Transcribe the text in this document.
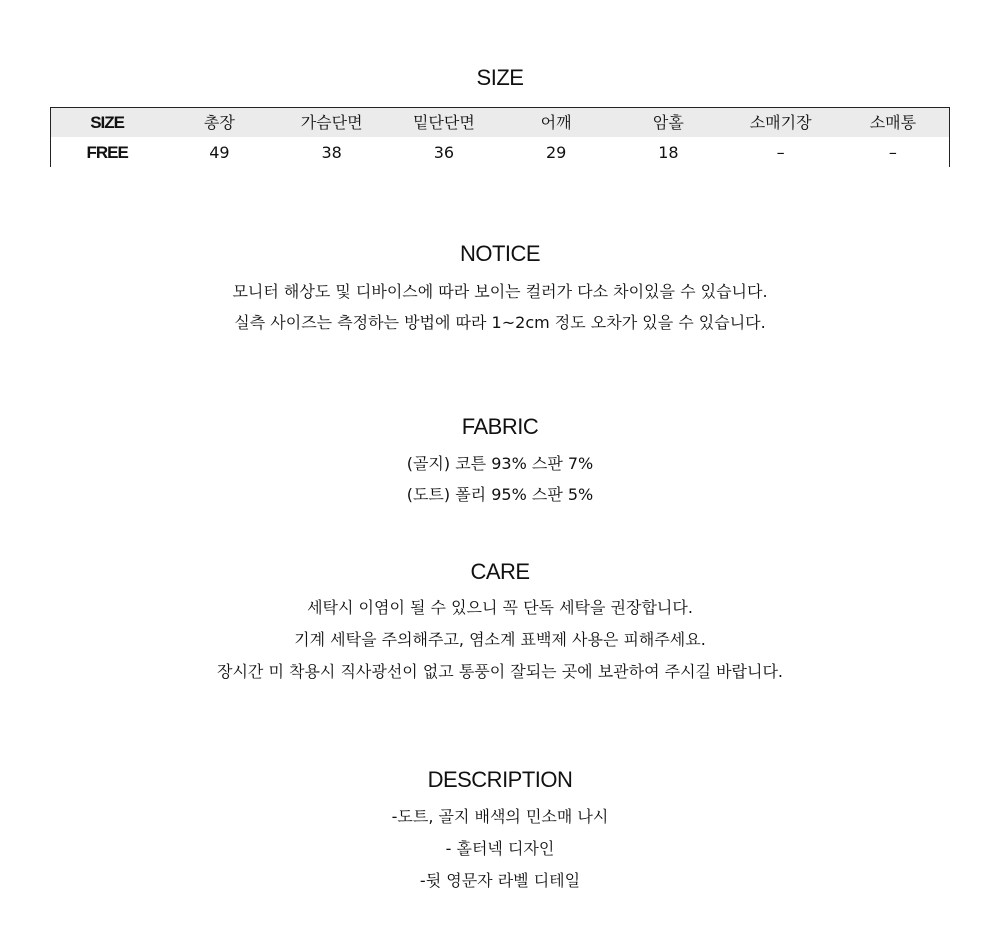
SIZE
SIZE	총장	가슴단면	밑단단면	어깨	암홀	소매기장	소매통
FREE	49	38	36	29	18	–	–
NOTICE
모니터 해상도 및 디바이스에 따라 보이는 컬러가 다소 차이있을 수 있습니다.
실측 사이즈는 측정하는 방법에 따라 1~2cm 정도 오차가 있을 수 있습니다.
FABRIC
(골지) 코튼 93% 스판 7%
(도트) 폴리 95% 스판 5%
CARE
세탁시 이염이 될 수 있으니 꼭 단독 세탁을 권장합니다.
기계 세탁을 주의해주고, 염소계 표백제 사용은 피해주세요.
장시간 미 착용시 직사광선이 없고 통풍이 잘되는 곳에 보관하여 주시길 바랍니다.
DESCRIPTION
-도트, 골지 배색의 민소매 나시
- 홀터넥 디자인
-뒷 영문자 라벨 디테일
